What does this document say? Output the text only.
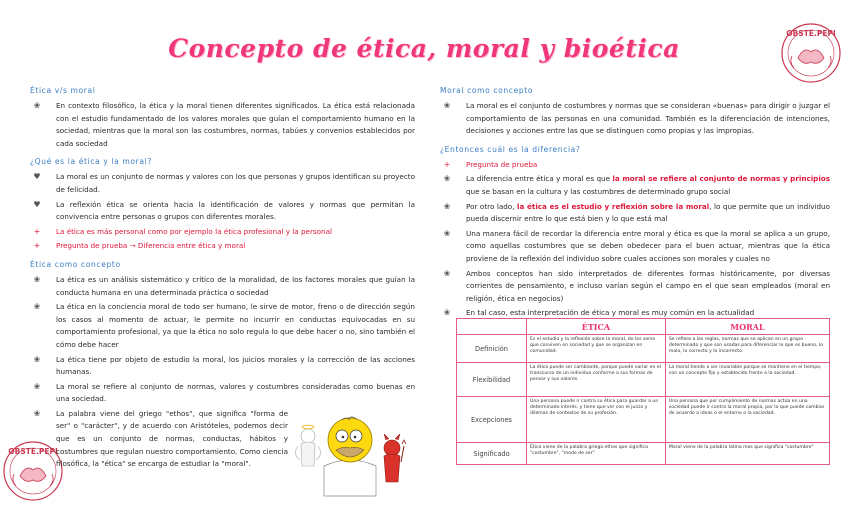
Concepto de ética, moral y bioética
OBSTE.PEPI
OBSTE.PEPI
Ética v/s moral
❀ En contexto filosófico, la ética y la moral tienen diferentes significados. La ética está relacionada con el estudio fundamentado de los valores morales que guían el comportamiento humano en la sociedad, mientras que la moral son las costumbres, normas, tabúes y convenios establecidos por cada sociedad
¿Qué es la ética y la moral?
♥ La moral es un conjunto de normas y valores con los que personas y grupos identifican su proyecto de felicidad.
♥ La reflexión ética se orienta hacia la identificación de valores y normas que permitan la convivencia entre personas o grupos con diferentes morales.
+ La ética es más personal como por ejemplo la ética profesional y la personal
+ Pregunta de prueba → Diferencia entre ética y moral
Ética como concepto
❀ La ética es un análisis sistemático y crítico de la moralidad, de los factores morales que guían la conducta humana en una determinada práctica o sociedad
❀ La ética en la conciencia moral de todo ser humano, le sirve de motor, freno o de dirección según los casos al momento de actuar, le permite no incurrir en conductas equivocadas en su comportamiento profesional, ya que la ética no solo regula lo que debe hacer o no, sino también el cómo debe hacer
❀ La ética tiene por objeto de estudio la moral, los juicios morales y la corrección de las acciones humanas.
❀ La moral se refiere al conjunto de normas, valores y costumbres consideradas como buenas en una sociedad.
❀ La palabra viene del griego "ethos", que significa "forma de ser" o "carácter", y de acuerdo con Aristóteles, podemos decir que es un conjunto de normas, conductas, hábitos y costumbres que regulan nuestro comportamiento. Como ciencia filosófica, la "ética" se encarga de estudiar la "moral".
Moral como concepto
❀ La moral es el conjunto de costumbres y normas que se consideran «buenas» para dirigir o juzgar el comportamiento de las personas en una comunidad. También es la diferenciación de intenciones, decisiones y acciones entre las que se distinguen como propias y las impropias.
¿Entonces cuál es la diferencia?
+ Pregunta de prueba
❀ La diferencia entre ética y moral es que la moral se refiere al conjunto de normas y principios que se basan en la cultura y las costumbres de determinado grupo social
❀ Por otro lado, la ética es el estudio y reflexión sobre la moral, lo que permite que un individuo pueda discernir entre lo que está bien y lo que está mal
❀ Una manera fácil de recordar la diferencia entre moral y ética es que la moral se aplica a un grupo, como aquellas costumbres que se deben obedecer para el buen actuar, mientras que la ética proviene de la reflexión del individuo sobre cuales acciones son morales y cuales no
❀ Ambos conceptos han sido interpretados de diferentes formas históricamente, por diversas corrientes de pensamiento, e incluso varían según el campo en el que sean empleados (moral en religión, ética en negocios)
❀ En tal caso, esta interpretación de ética y moral es muy común en la actualidad
	ÉTICA	MORAL
Definición	Es el estudio y la reflexión sobre la moral, de los seres que conviven en sociedad y que se organizan en comunidad.	Se refiere a las reglas, normas que se aplican en un grupo determinado y que son usadas para diferenciar lo que es bueno, lo malo, lo correcto y lo incorrecto.
Flexibilidad	La ética puede ser cambiante, porque puede variar en el transcurso de un individuo conforme a sus formas de pensar y sus valores.	La moral tiende a ser invariable porque se mantiene en el tiempo, con un concepto fijo y establecido frente a la sociedad.
Excepciones	Una persona puede ir contra su ética para guardar a un determinado interés, y tiene que ver con el juicio y dilemas de contextos de su profesión.	Una persona que por cumplimiento de normas actúa en una sociedad puede ir contra la moral propia, por lo que puede cambiar de acuerdo a ideas o el entorno o la sociedad.
Significado	Ética viene de la palabra griega ethos que significa "costumbre", "modo de ser"	Moral viene de la palabra latina mos que significa "costumbre"
